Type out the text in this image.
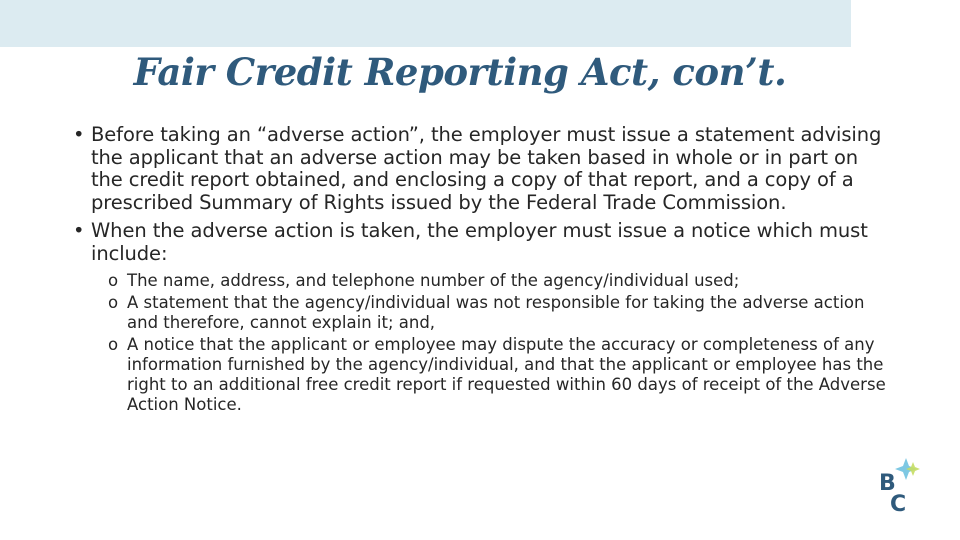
Fair Credit Reporting Act, con’t.
• Before taking an “adverse action”, the employer must issue a statement advising the applicant that an adverse action may be taken based in whole or in part on the credit report obtained, and enclosing a copy of that report, and a copy of a prescribed Summary of Rights issued by the Federal Trade Commission.
• When the adverse action is taken, the employer must issue a notice which must include:
o The name, address, and telephone number of the agency/individual used;
o A statement that the agency/individual was not responsible for taking the adverse action and therefore, cannot explain it; and,
o A notice that the applicant or employee may dispute the accuracy or completeness of any information furnished by the agency/individual, and that the applicant or employee has the right to an additional free credit report if requested within 60 days of receipt of the Adverse Action Notice.
B
C
